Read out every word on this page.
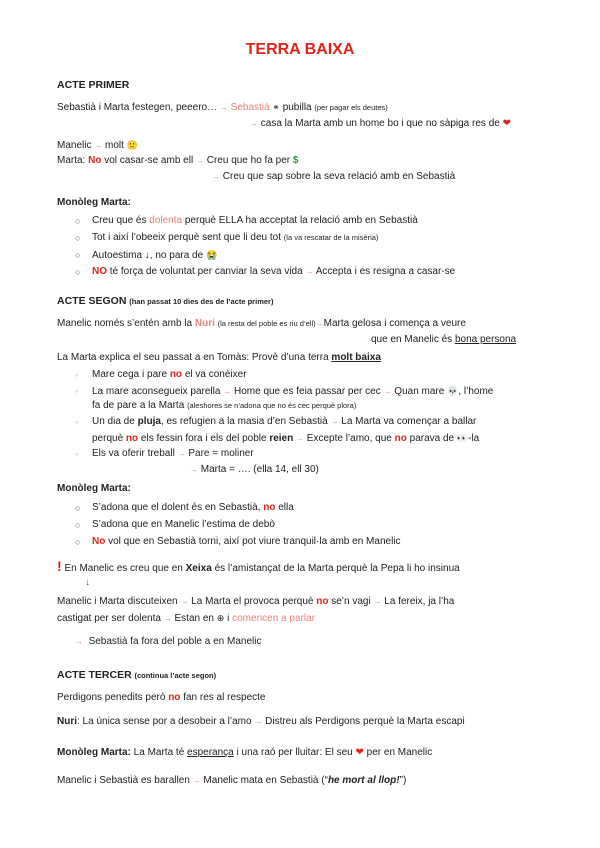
TERRA BAIXA
ACTE PRIMER
Sebastià i Marta festegen, peeero… → Sebastià ⚭ pubilla (per pagar els deutes)
→ casa la Marta amb un home bo i que no sàpiga res de ❤
Manelic → molt 🙂
Marta: No vol casar-se amb ell → Creu que ho fa per $
→ Creu que sap sobre la seva relació amb en Sebastià
Monòleg Marta:
○ Creu que és dolenta perquè ELLA ha acceptat la relació amb en Sebastià
○ Tot i així l’obeeix perquè sent que li deu tot (la va rescatar de la misèria)
○ Autoestima ↓, no para de 😭
○ NO té força de voluntat per canviar la seva vida → Accepta i es resigna a casar-se
ACTE SEGON (han passat 10 dies des de l’acte primer)
Manelic només s’entén amb la Nuri (la resta del poble es riu d’ell)→Marta gelosa i comença a veure
que en Manelic és bona persona
La Marta explica el seu passat a en Tomàs: Provè d’una terra molt baixa
◦ Mare cega i pare no el va conèixer
◦ La mare aconsegueix parella → Home que es feia passar per cec → Quan mare 💀, l’home
fa de pare a la Marta (aleshores se n’adona que no és cec perquè plora)
◦ Un dia de pluja, es refugien a la masia d’en Sebastià → La Marta va començar a ballar
perquè no els fessin fora i els del poble reien → Excepte l’amo, que no parava de 👀-la
◦ Els va oferir treball → Pare = moliner
→ Marta = …. (ella 14, ell 30)
Monòleg Marta:
○ S’adona que el dolent és en Sebastià, no ella
○ S’adona que en Manelic l’estima de debò
○ No vol que en Sebastià torni, així pot viure tranquil·la amb en Manelic
! En Manelic es creu que en Xeixa és l’amistançat de la Marta perquè la Pepa li ho insinua
↓
Manelic i Marta discuteixen → La Marta el provoca perquè no se’n vagi → La fereix, ja l’ha
castigat per ser dolenta → Estan en ⊕ i comencen a parlar
→ Sebastià fa fora del poble a en Manelic
ACTE TERCER (continua l’acte segon)
Perdigons penedits però no fan res al respecte
Nuri: La única sense por a desobeir a l’amo → Distreu als Perdigons perquè la Marta escapi
Monòleg Marta: La Marta té esperança i una raó per lluitar: El seu ❤ per en Manelic
Manelic i Sebastià es barallen → Manelic mata en Sebastià (“he mort al llop!”)
